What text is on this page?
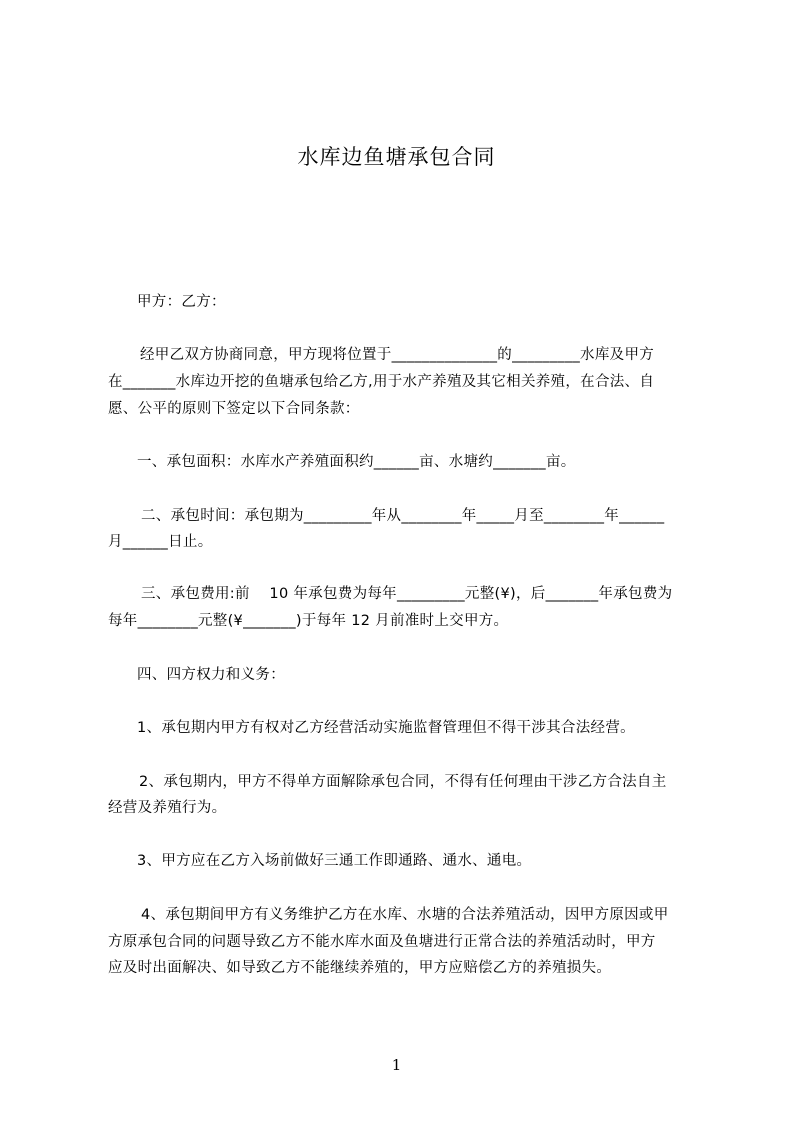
水库边鱼塘承包合同
甲方：乙方：
经甲乙双方协商同意，甲方现将位置于______________的_________水库及甲方
在_______水库边开挖的鱼塘承包给乙方,用于水产养殖及其它相关养殖，在合法、自
愿、公平的原则下签定以下合同条款：
一、承包面积：水库水产养殖面积约______亩、水塘约_______亩。
二、承包时间：承包期为_________年从________年_____月至________年______
月______日止。
三、承包费用:前    10 年承包费为每年_________元整(¥)，后_______年承包费为
每年________元整(¥_______)于每年 12 月前准时上交甲方。
四、四方权力和义务：
1、承包期内甲方有权对乙方经营活动实施监督管理但不得干涉其合法经营。
2、承包期内，甲方不得单方面解除承包合同，不得有任何理由干涉乙方合法自主
经营及养殖行为。
3、甲方应在乙方入场前做好三通工作即通路、通水、通电。
4、承包期间甲方有义务维护乙方在水库、水塘的合法养殖活动，因甲方原因或甲
方原承包合同的问题导致乙方不能水库水面及鱼塘进行正常合法的养殖活动时，甲方
应及时出面解决、如导致乙方不能继续养殖的，甲方应赔偿乙方的养殖损失。
1
